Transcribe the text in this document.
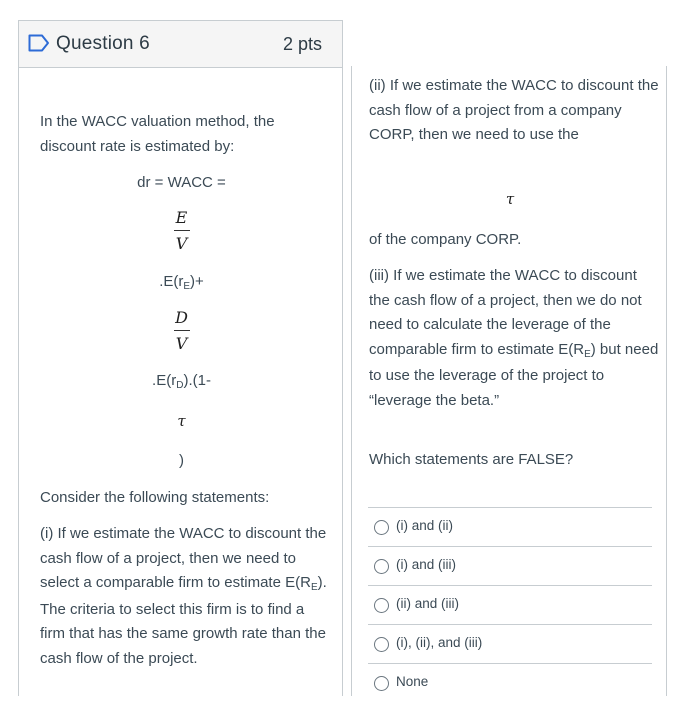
Question 6	2 pts
In the WACC valuation method, the discount rate is estimated by:
dr = WACC =
E
V
$.E(r_E)+$
D
V
$.E(r_D).(1-$
τ
)
Consider the following statements:
(i) If we estimate the WACC to discount the cash flow of a project, then we need to select a comparable firm to estimate $E(R_E)$. The criteria to select this firm is to find a firm that has the same growth rate than the cash flow of the project.
(ii) If we estimate the WACC to discount the cash flow of a project from a company CORP, then we need to use the
τ
of the company CORP.
(iii) If we estimate the WACC to discount the cash flow of a project, then we do not need to calculate the leverage of the comparable firm to estimate $E(R_E)$ but need to use the leverage of the project to “leverage the beta.”
Which statements are FALSE?
(i) and (ii)
(i) and (iii)
(ii) and (iii)
(i), (ii), and (iii)
None
